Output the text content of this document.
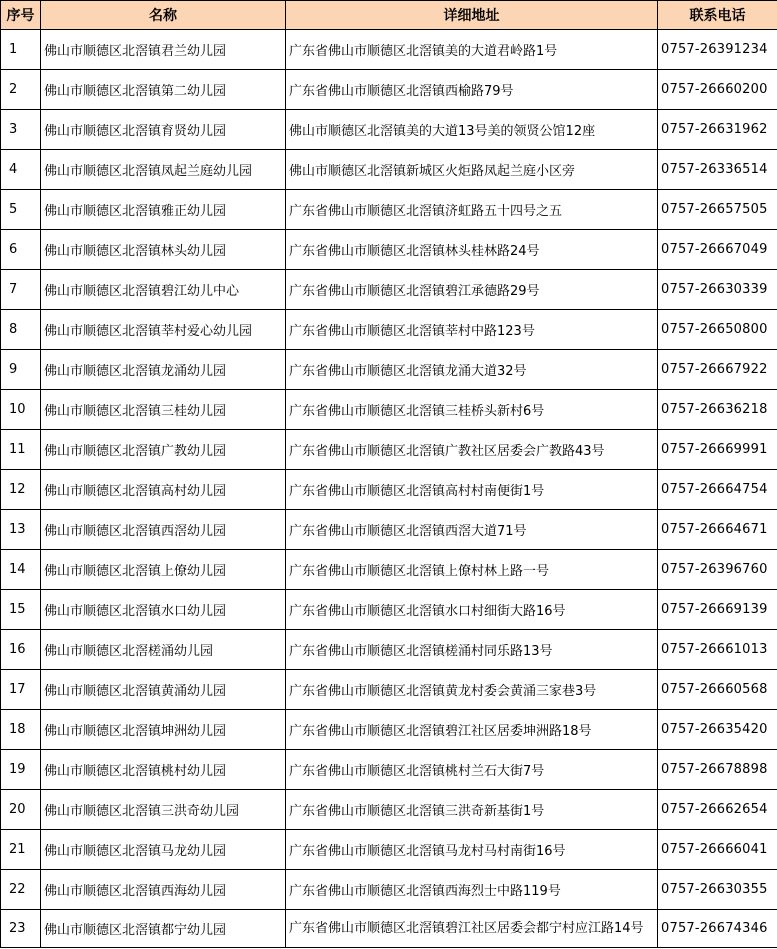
序号	名称	详细地址	联系电话
1	佛山市顺德区北滘镇君兰幼儿园	广东省佛山市顺德区北滘镇美的大道君岭路1号	0757-26391234
2	佛山市顺德区北滘镇第二幼儿园	广东省佛山市顺德区北滘镇西榆路79号	0757-26660200
3	佛山市顺德区北滘镇育贤幼儿园	佛山市顺德区北滘镇美的大道13号美的领贤公馆12座	0757-26631962
4	佛山市顺德区北滘镇凤起兰庭幼儿园	佛山市顺德区北滘镇新城区火炬路凤起兰庭小区旁	0757-26336514
5	佛山市顺德区北滘镇雅正幼儿园	广东省佛山市顺德区北滘镇济虹路五十四号之五	0757-26657505
6	佛山市顺德区北滘镇林头幼儿园	广东省佛山市顺德区北滘镇林头桂林路24号	0757-26667049
7	佛山市顺德区北滘镇碧江幼儿中心	广东省佛山市顺德区北滘镇碧江承德路29号	0757-26630339
8	佛山市顺德区北滘镇莘村爱心幼儿园	广东省佛山市顺德区北滘镇莘村中路123号	0757-26650800
9	佛山市顺德区北滘镇龙涌幼儿园	广东省佛山市顺德区北滘镇龙涌大道32号	0757-26667922
10	佛山市顺德区北滘镇三桂幼儿园	广东省佛山市顺德区北滘镇三桂桥头新村6号	0757-26636218
11	佛山市顺德区北滘镇广教幼儿园	广东省佛山市顺德区北滘镇广教社区居委会广教路43号	0757-26669991
12	佛山市顺德区北滘镇高村幼儿园	广东省佛山市顺德区北滘镇高村村南便街1号	0757-26664754
13	佛山市顺德区北滘镇西滘幼儿园	广东省佛山市顺德区北滘镇西滘大道71号	0757-26664671
14	佛山市顺德区北滘镇上僚幼儿园	广东省佛山市顺德区北滘镇上僚村林上路一号	0757-26396760
15	佛山市顺德区北滘镇水口幼儿园	广东省佛山市顺德区北滘镇水口村细街大路16号	0757-26669139
16	佛山市顺德区北滘槎涌幼儿园	广东省佛山市顺德区北滘镇槎涌村同乐路13号	0757-26661013
17	佛山市顺德区北滘镇黄涌幼儿园	广东省佛山市顺德区北滘镇黄龙村委会黄涌三家巷3号	0757-26660568
18	佛山市顺德区北滘镇坤洲幼儿园	广东省佛山市顺德区北滘镇碧江社区居委坤洲路18号	0757-26635420
19	佛山市顺德区北滘镇桃村幼儿园	广东省佛山市顺德区北滘镇桃村兰石大街7号	0757-26678898
20	佛山市顺德区北滘镇三洪奇幼儿园	广东省佛山市顺德区北滘镇三洪奇新基街1号	0757-26662654
21	佛山市顺德区北滘镇马龙幼儿园	广东省佛山市顺德区北滘镇马龙村马村南街16号	0757-26666041
22	佛山市顺德区北滘镇西海幼儿园	广东省佛山市顺德区北滘镇西海烈士中路119号	0757-26630355
23	佛山市顺德区北滘镇都宁幼儿园	广东省佛山市顺德区北滘镇碧江社区居委会都宁村应江路14号	0757-26674346
